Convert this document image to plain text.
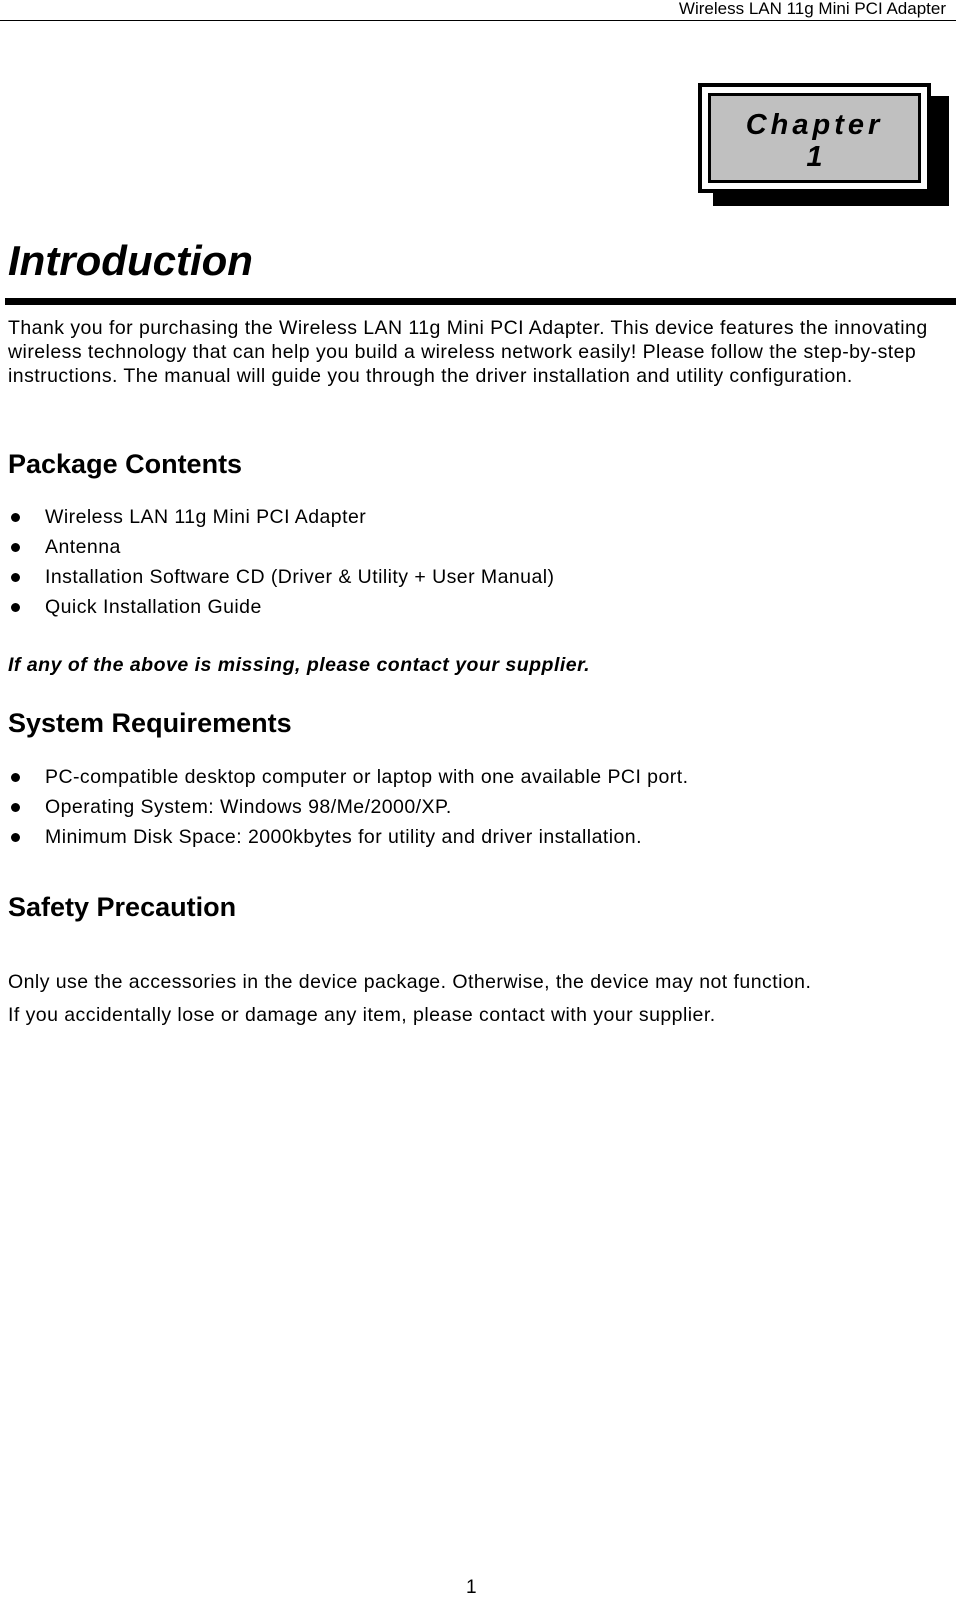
Wireless LAN 11g Mini PCI Adapter
Chapter
1
Introduction

Thank you for purchasing the Wireless LAN 11g Mini PCI Adapter. This device features the innovating wireless technology that can help you build a wireless network easily! Please follow the step-by-step instructions. The manual will guide you through the driver installation and utility configuration.

Package Contents
Wireless LAN 11g Mini PCI Adapter
Antenna
Installation Software CD (Driver & Utility + User Manual)
Quick Installation Guide

If any of the above is missing, please contact your supplier.

System Requirements
PC-compatible desktop computer or laptop with one available PCI port.
Operating System: Windows 98/Me/2000/XP.
Minimum Disk Space: 2000kbytes for utility and driver installation.
Safety Precaution

Only use the accessories in the device package. Otherwise, the device may not function.

If you accidentally lose or damage any item, please contact with your supplier.

1
